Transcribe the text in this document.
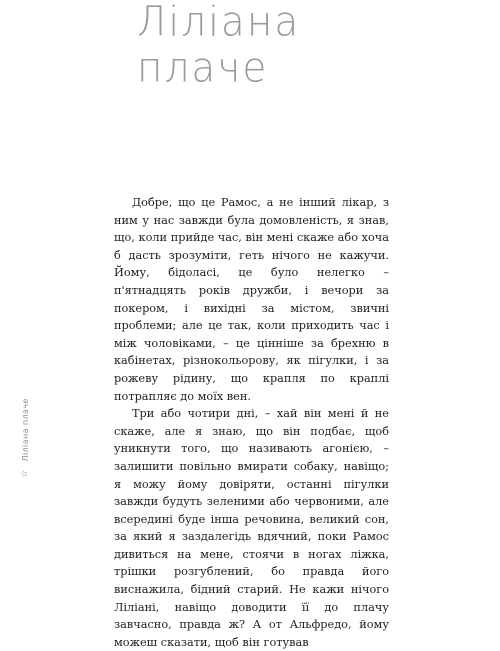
Ліліана
плаче

Добре, що це Рамос, а не інший лікар, з ним у нас завжди була домовленість, я знав, що, коли прийде час, він мені скаже або хоча б дасть зрозуміти, геть нічого не кажучи. Йому, бідоласі, це було нелегко – п'ятнадцять років дружби, і вечори за покером, і вихідні за містом, звичні проблеми; але це так, коли приходить час і між чоловіками, – це цінніше за брехню в кабінетах, різнокольорову, як пігулки, і за рожеву рідину, що крапля по краплі потрапляє до моїх вен.

Три або чотири дні, – хай він мені й не скаже, але я знаю, що він подбає, щоб уникнути того, що називають агонією, – залишити повільно вмирати собаку, навіщо; я можу йому довіряти, останні пігулки завжди будуть зеленими або червоними, але всередині буде інша речовина, великий сон, за який я заздалегідь вдячний, поки Рамос дивиться на мене, стоячи в ногах ліжка, трішки розгублений, бо правда його виснажила, бідний старий. Не кажи нічого Ліліані, навіщо доводити її до плачу завчасно, правда ж? А от Альфредо, йому можеш сказати, щоб він готував

☆
Ліліана плаче
